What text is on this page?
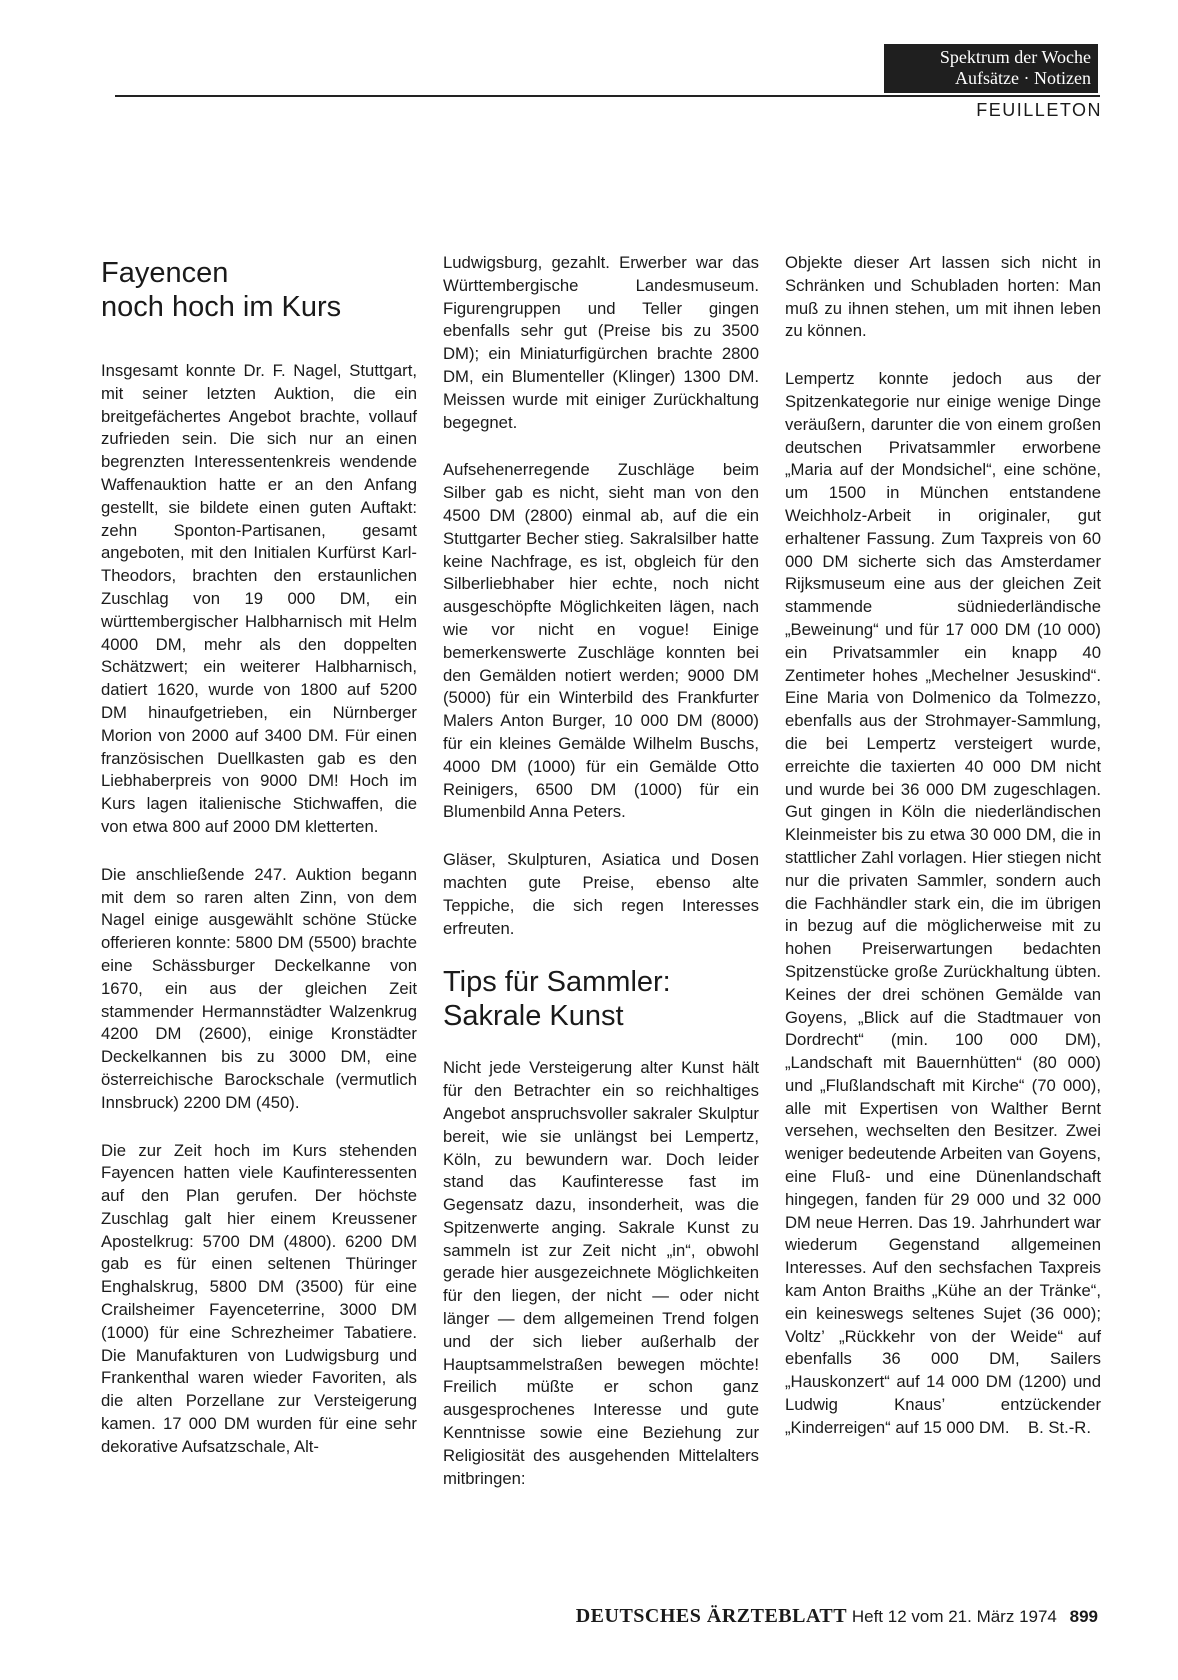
Spektrum der Woche
Aufsätze · Notizen
FEUILLETON
Fayencen
noch hoch im Kurs

Insgesamt konnte Dr. F. Nagel, Stuttgart, mit seiner letzten Auktion, die ein breitgefächertes Angebot brachte, vollauf zufrieden sein. Die sich nur an einen begrenzten Interessentenkreis wendende Waffenauktion hatte er an den Anfang gestellt, sie bildete einen guten Auftakt: zehn Sponton-Partisanen, gesamt angeboten, mit den Initialen Kurfürst Karl-Theodors, brachten den erstaunlichen Zuschlag von 19 000 DM, ein württembergischer Halbharnisch mit Helm 4000 DM, mehr als den doppelten Schätzwert; ein weiterer Halbharnisch, datiert 1620, wurde von 1800 auf 5200 DM hinaufgetrieben, ein Nürnberger Morion von 2000 auf 3400 DM. Für einen französischen Duellkasten gab es den Liebhaberpreis von 9000 DM! Hoch im Kurs lagen italienische Stichwaffen, die von etwa 800 auf 2000 DM kletterten.

Die anschließende 247. Auktion begann mit dem so raren alten Zinn, von dem Nagel einige ausgewählt schöne Stücke offerieren konnte: 5800 DM (5500) brachte eine Schässburger Deckelkanne von 1670, ein aus der gleichen Zeit stammender Hermannstädter Walzenkrug 4200 DM (2600), einige Kronstädter Deckelkannen bis zu 3000 DM, eine österreichische Barockschale (vermutlich Innsbruck) 2200 DM (450).

Die zur Zeit hoch im Kurs stehenden Fayencen hatten viele Kaufinteressenten auf den Plan gerufen. Der höchste Zuschlag galt hier einem Kreussener Apostelkrug: 5700 DM (4800). 6200 DM gab es für einen seltenen Thüringer Enghalskrug, 5800 DM (3500) für eine Crailsheimer Fayenceterrine, 3000 DM (1000) für eine Schrezheimer Tabatiere. Die Manufakturen von Ludwigsburg und Frankenthal waren wieder Favoriten, als die alten Porzellane zur Versteigerung kamen. 17 000 DM wurden für eine sehr dekorative Aufsatzschale, Alt-

Ludwigsburg, gezahlt. Erwerber war das Württembergische Landesmuseum. Figurengruppen und Teller gingen ebenfalls sehr gut (Preise bis zu 3500 DM); ein Miniaturfigürchen brachte 2800 DM, ein Blumenteller (Klinger) 1300 DM. Meissen wurde mit einiger Zurückhaltung begegnet.

Aufsehenerregende Zuschläge beim Silber gab es nicht, sieht man von den 4500 DM (2800) einmal ab, auf die ein Stuttgarter Becher stieg. Sakralsilber hatte keine Nachfrage, es ist, obgleich für den Silberliebhaber hier echte, noch nicht ausgeschöpfte Möglichkeiten lägen, nach wie vor nicht en vogue! Einige bemerkenswerte Zuschläge konnten bei den Gemälden notiert werden; 9000 DM (5000) für ein Winterbild des Frankfurter Malers Anton Burger, 10 000 DM (8000) für ein kleines Gemälde Wilhelm Buschs, 4000 DM (1000) für ein Gemälde Otto Reinigers, 6500 DM (1000) für ein Blumenbild Anna Peters.

Gläser, Skulpturen, Asiatica und Dosen machten gute Preise, ebenso alte Teppiche, die sich regen Interesses erfreuten.

Tips für Sammler:
Sakrale Kunst

Nicht jede Versteigerung alter Kunst hält für den Betrachter ein so reichhaltiges Angebot anspruchsvoller sakraler Skulptur bereit, wie sie unlängst bei Lempertz, Köln, zu bewundern war. Doch leider stand das Kaufinteresse fast im Gegensatz dazu, insonderheit, was die Spitzenwerte anging. Sakrale Kunst zu sammeln ist zur Zeit nicht „in“, obwohl gerade hier ausgezeichnete Möglichkeiten für den liegen, der nicht — oder nicht länger — dem allgemeinen Trend folgen und der sich lieber außerhalb der Hauptsammelstraßen bewegen möchte! Freilich müßte er schon ganz ausgesprochenes Interesse und gute Kenntnisse sowie eine Beziehung zur Religiosität des ausgehenden Mittelalters mitbringen:

Objekte dieser Art lassen sich nicht in Schränken und Schubladen horten: Man muß zu ihnen stehen, um mit ihnen leben zu können.

Lempertz konnte jedoch aus der Spitzenkategorie nur einige wenige Dinge veräußern, darunter die von einem großen deutschen Privatsammler erworbene „Maria auf der Mondsichel“, eine schöne, um 1500 in München entstandene Weichholz-Arbeit in originaler, gut erhaltener Fassung. Zum Taxpreis von 60 000 DM sicherte sich das Amsterdamer Rijksmuseum eine aus der gleichen Zeit stammende südniederländische „Beweinung“ und für 17 000 DM (10 000) ein Privatsammler ein knapp 40 Zentimeter hohes „Mechelner Jesuskind“. Eine Maria von Dolmenico da Tolmezzo, ebenfalls aus der Strohmayer-Sammlung, die bei Lempertz versteigert wurde, erreichte die taxierten 40 000 DM nicht und wurde bei 36 000 DM zugeschlagen. Gut gingen in Köln die niederländischen Kleinmeister bis zu etwa 30 000 DM, die in stattlicher Zahl vorlagen. Hier stiegen nicht nur die privaten Sammler, sondern auch die Fachhändler stark ein, die im übrigen in bezug auf die möglicherweise mit zu hohen Preiserwartungen bedachten Spitzenstücke große Zurückhaltung übten. Keines der drei schönen Gemälde van Goyens, „Blick auf die Stadtmauer von Dordrecht“ (min. 100 000 DM), „Landschaft mit Bauernhütten“ (80 000) und „Flußlandschaft mit Kirche“ (70 000), alle mit Expertisen von Walther Bernt versehen, wechselten den Besitzer. Zwei weniger bedeutende Arbeiten van Goyens, eine Fluß- und eine Dünenlandschaft hingegen, fanden für 29 000 und 32 000 DM neue Herren. Das 19. Jahrhundert war wiederum Gegenstand allgemeinen Interesses. Auf den sechsfachen Taxpreis kam Anton Braiths „Kühe an der Tränke“, ein keineswegs seltenes Sujet (36 000); Voltz’ „Rückkehr von der Weide“ auf ebenfalls 36 000 DM, Sailers „Hauskonzert“ auf 14 000 DM (1200) und Ludwig Knaus’ entzückender „Kinderreigen“ auf 15 000 DM. B. St.-R.

DEUTSCHES ÄRZTEBLATT Heft 12 vom 21. März 1974 899
